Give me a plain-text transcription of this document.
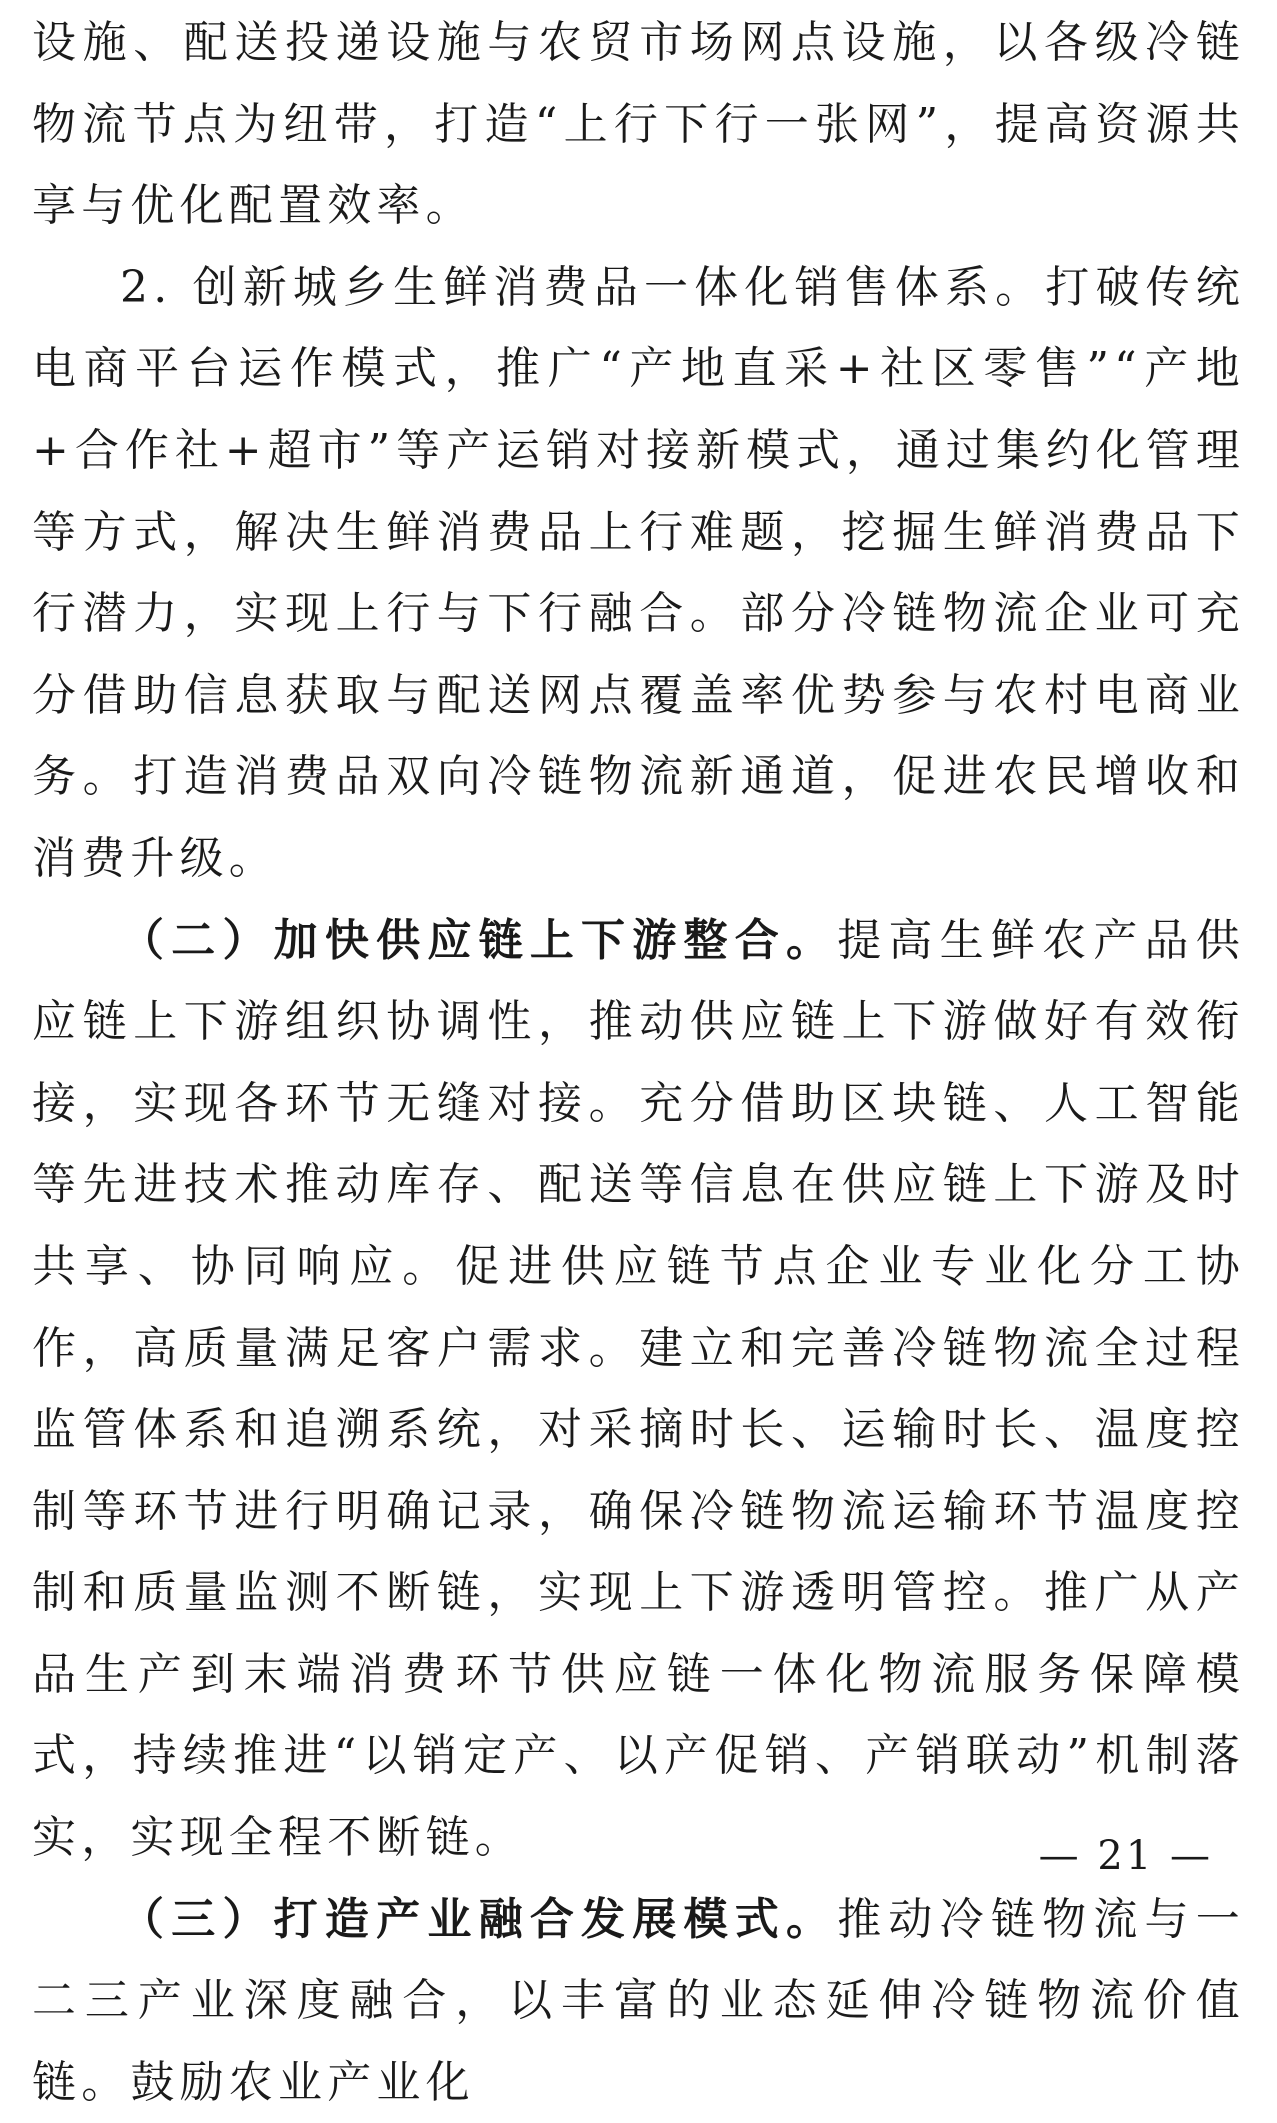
设施、配送投递设施与农贸市场网点设施，以各级冷链物流节点为纽带，打造“上行下行一张网”，提高资源共享与优化配置效率。

2. 创新城乡生鲜消费品一体化销售体系。打破传统电商平台运作模式，推广“产地直采+社区零售”“产地+合作社+超市”等产运销对接新模式，通过集约化管理等方式，解决生鲜消费品上行难题，挖掘生鲜消费品下行潜力，实现上行与下行融合。部分冷链物流企业可充分借助信息获取与配送网点覆盖率优势参与农村电商业务。打造消费品双向冷链物流新通道，促进农民增收和消费升级。

（二）加快供应链上下游整合。提高生鲜农产品供应链上下游组织协调性，推动供应链上下游做好有效衔接，实现各环节无缝对接。充分借助区块链、人工智能等先进技术推动库存、配送等信息在供应链上下游及时共享、协同响应。促进供应链节点企业专业化分工协作，高质量满足客户需求。建立和完善冷链物流全过程监管体系和追溯系统，对采摘时长、运输时长、温度控制等环节进行明确记录，确保冷链物流运输环节温度控制和质量监测不断链，实现上下游透明管控。推广从产品生产到末端消费环节供应链一体化物流服务保障模式，持续推进“以销定产、以产促销、产销联动”机制落实，实现全程不断链。

（三）打造产业融合发展模式。推动冷链物流与一二三产业深度融合，以丰富的业态延伸冷链物流价值链。鼓励农业产业化

— 21 —
